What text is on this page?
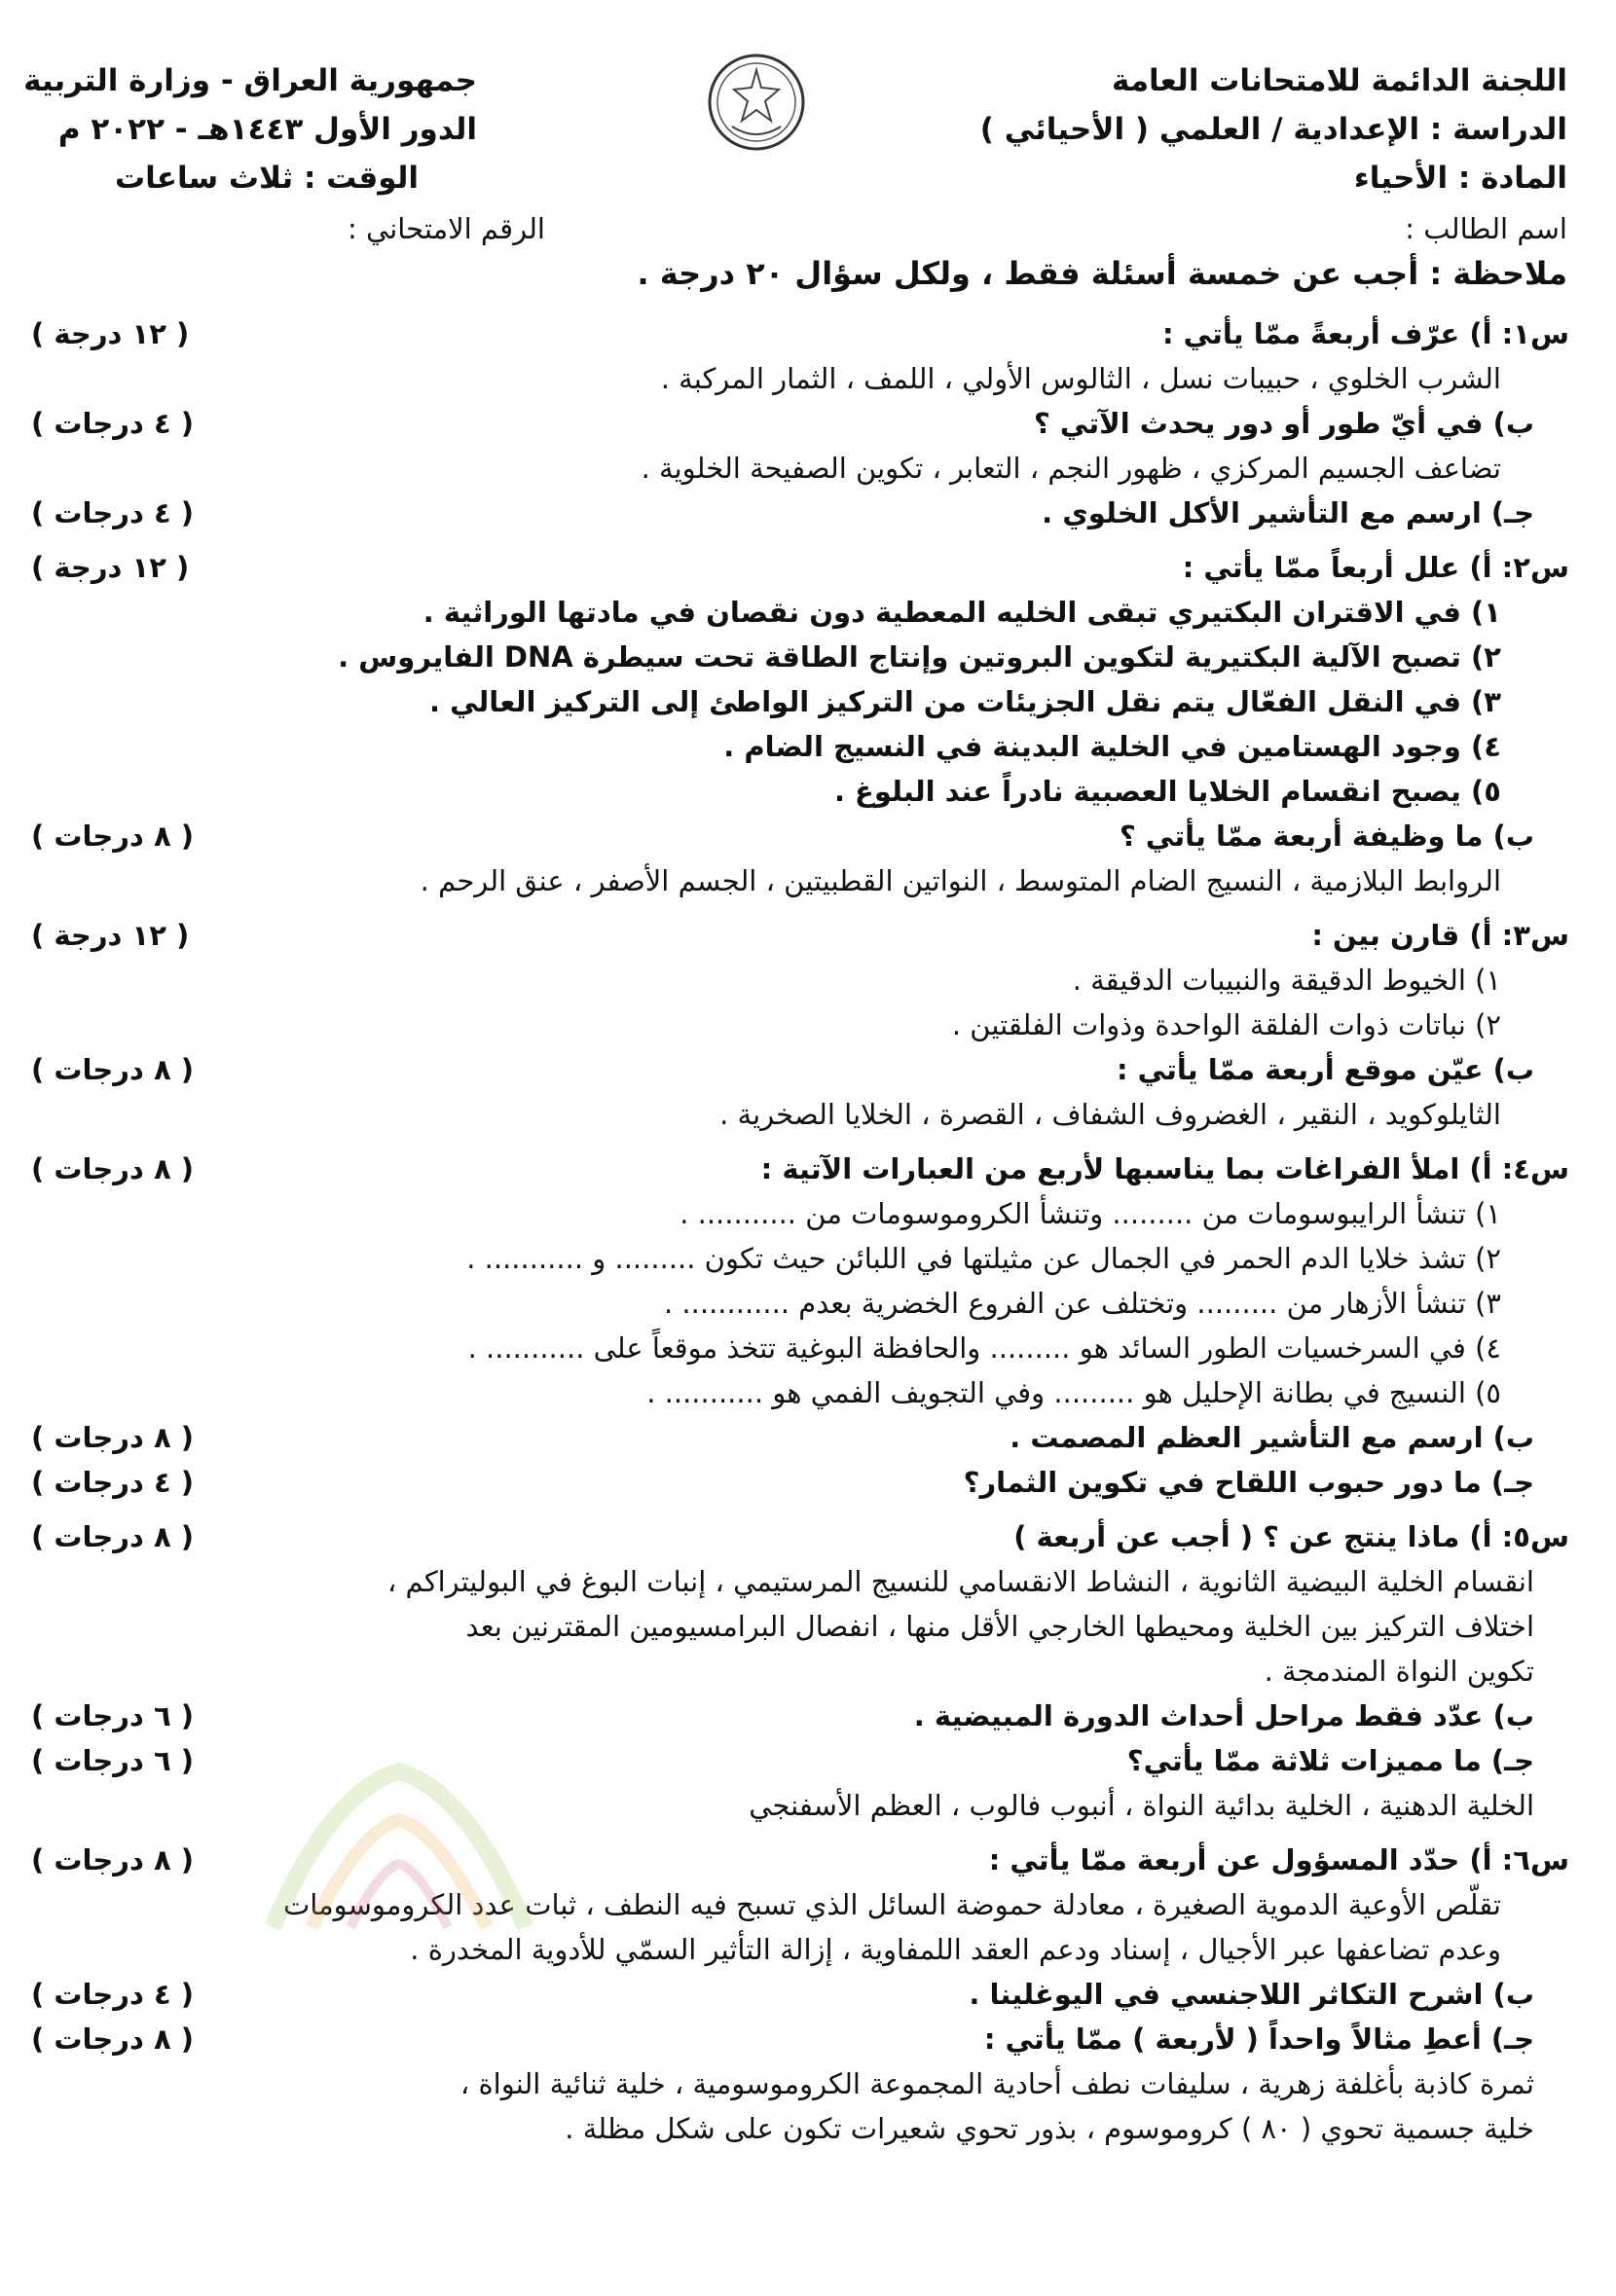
اللجنة الدائمة للامتحانات العامة
الدراسة : الإعدادية / العلمي ( الأحيائي )
المادة : الأحياء
جمهورية العراق - وزارة التربية
الدور الأول ١٤٤٣هـ - ٢٠٢٢ م
الوقت : ثلاث ساعات
اسم الطالب :
الرقم الامتحاني :
ملاحظة : أجب عن خمسة أسئلة فقط ، ولكل سؤال ٢٠ درجة .
س١: أ) عرّف أربعةً ممّا يأتي :
( ١٢ درجة )
الشرب الخلوي ، حبيبات نسل ، الثالوس الأولي ، اللمف ، الثمار المركبة .
ب) في أيّ طور أو دور يحدث الآتي ؟
( ٤ درجات )
تضاعف الجسيم المركزي ، ظهور النجم ، التعابر ، تكوين الصفيحة الخلوية .
جـ) ارسم مع التأشير الأكل الخلوي .
( ٤ درجات )
س٢: أ) علل أربعاً ممّا يأتي :
( ١٢ درجة )
١) في الاقتران البكتيري تبقى الخليه المعطية دون نقصان في مادتها الوراثية .
٢) تصبح الآلية البكتيرية لتكوين البروتين وإنتاج الطاقة تحت سيطرة DNA الفايروس .
٣) في النقل الفعّال يتم نقل الجزيئات من التركيز الواطئ إلى التركيز العالي .
٤) وجود الهستامين في الخلية البدينة في النسيج الضام .
٥) يصبح انقسام الخلايا العصبية نادراً عند البلوغ .
ب) ما وظيفة أربعة ممّا يأتي ؟
( ٨ درجات )
الروابط البلازمية ، النسيج الضام المتوسط ، النواتين القطبيتين ، الجسم الأصفر ، عنق الرحم .
س٣: أ) قارن بين :
( ١٢ درجة )
١) الخيوط الدقيقة والنبيبات الدقيقة .
٢) نباتات ذوات الفلقة الواحدة وذوات الفلقتين .
ب) عيّن موقع أربعة ممّا يأتي :
( ٨ درجات )
الثايلوكويد ، النقير ، الغضروف الشفاف ، القصرة ، الخلايا الصخرية .
س٤: أ) املأ الفراغات بما يناسبها لأربع من العبارات الآتية :
( ٨ درجات )
١) تنشأ الرايبوسومات من ......... وتنشأ الكروموسومات من ........... .
٢) تشذ خلايا الدم الحمر في الجمال عن مثيلتها في اللبائن حيث تكون ......... و ........... .
٣) تنشأ الأزهار من ......... وتختلف عن الفروع الخضرية بعدم ............ .
٤) في السرخسيات الطور السائد هو ......... والحافظة البوغية تتخذ موقعاً على ........... .
٥) النسيج في بطانة الإحليل هو ......... وفي التجويف الفمي هو ........... .
ب) ارسم مع التأشير العظم المصمت .
( ٨ درجات )
جـ) ما دور حبوب اللقاح في تكوين الثمار؟
( ٤ درجات )
س٥: أ) ماذا ينتج عن ؟ ( أجب عن أربعة )
( ٨ درجات )
انقسام الخلية البيضية الثانوية ، النشاط الانقسامي للنسيج المرستيمي ، إنبات البوغ في البوليتراكم ،
اختلاف التركيز بين الخلية ومحيطها الخارجي الأقل منها ، انفصال البرامسيومين المقترنين بعد
تكوين النواة المندمجة .
ب) عدّد فقط مراحل أحداث الدورة المبيضية .
( ٦ درجات )
جـ) ما مميزات ثلاثة ممّا يأتي؟
( ٦ درجات )
الخلية الدهنية ، الخلية بدائية النواة ، أنبوب فالوب ، العظم الأسفنجي
س٦: أ) حدّد المسؤول عن أربعة ممّا يأتي :
( ٨ درجات )
تقلّص الأوعية الدموية الصغيرة ، معادلة حموضة السائل الذي تسبح فيه النطف ، ثبات عدد الكروموسومات
وعدم تضاعفها عبر الأجيال ، إسناد ودعم العقد اللمفاوية ، إزالة التأثير السمّي للأدوية المخدرة .
ب) اشرح التكاثر اللاجنسي في اليوغلينا .
( ٤ درجات )
جـ) أعطِ مثالاً واحداً ( لأربعة ) ممّا يأتي :
( ٨ درجات )
ثمرة كاذبة بأغلفة زهرية ، سليفات نطف أحادية المجموعة الكروموسومية ، خلية ثنائية النواة ،
خلية جسمية تحوي ( ٨٠ ) كروموسوم ، بذور تحوي شعيرات تكون على شكل مظلة .
